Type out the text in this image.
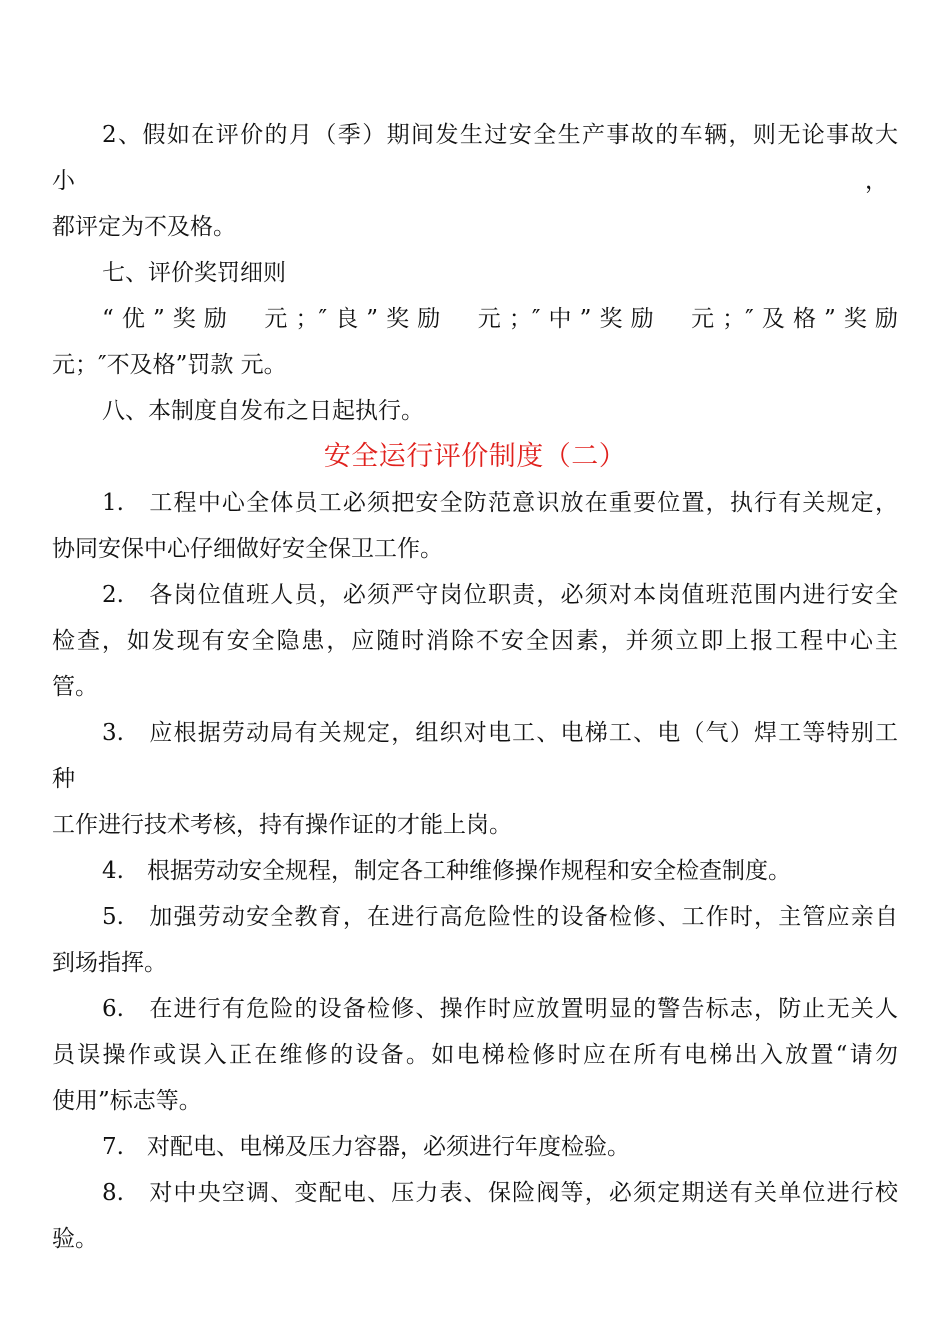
2、假如在评价的月（季）期间发生过安全生产事故的车辆，则无论事故大
小	，
都评定为不及格。
七、评价奖罚细则
“优”奖励 元；″良”奖励 元；″中”奖励 元；″及格”奖励
元；″不及格”罚款 元。
八、本制度自发布之日起执行。
安全运行评价制度（二）
1.　工程中心全体员工必须把安全防范意识放在重要位置，执行有关规定，
协同安保中心仔细做好安全保卫工作。
2.　各岗位值班人员，必须严守岗位职责，必须对本岗值班范围内进行安全
检查，如发现有安全隐患，应随时消除不安全因素，并须立即上报工程中心主
管。
3.　应根据劳动局有关规定，组织对电工、电梯工、电（气）焊工等特别工
种
工作进行技术考核，持有操作证的才能上岗。
4.　根据劳动安全规程，制定各工种维修操作规程和安全检查制度。
5.　加强劳动安全教育，在进行高危险性的设备检修、工作时，主管应亲自
到场指挥。
6.　在进行有危险的设备检修、操作时应放置明显的警告标志，防止无关人
员误操作或误入正在维修的设备。如电梯检修时应在所有电梯出入放置“请勿
使用”标志等。
7.　对配电、电梯及压力容器，必须进行年度检验。
8.　对中央空调、变配电、压力表、保险阀等，必须定期送有关单位进行校
验。
